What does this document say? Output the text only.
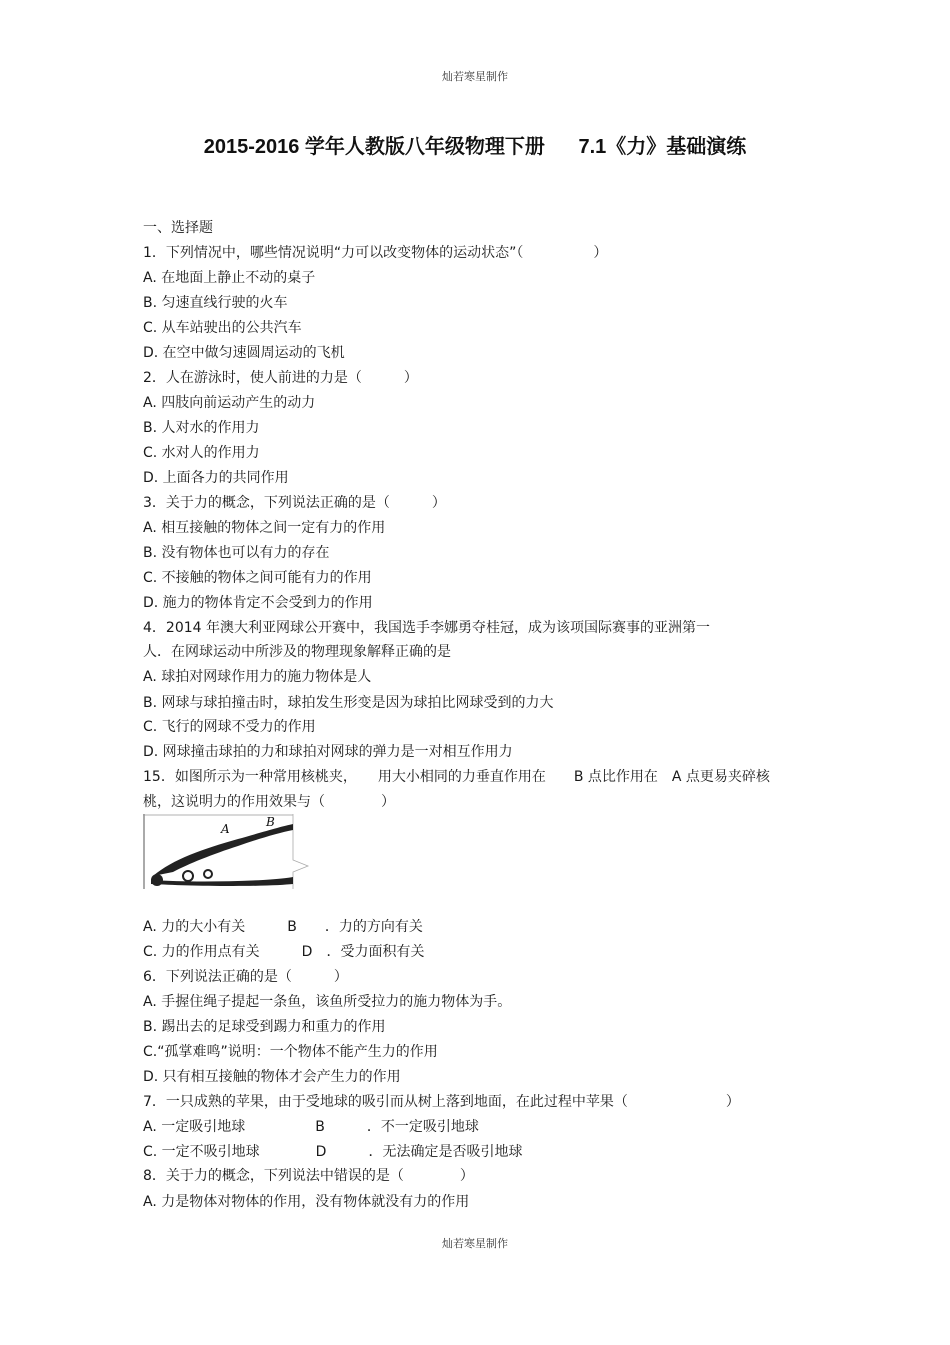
灿若寒星制作
2015-2016 学年人教版八年级物理下册 7.1《力》基础演练
一、选择题
1．下列情况中，哪些情况说明“力可以改变物体的运动状态”（　　　　　）
A. 在地面上静止不动的桌子
B. 匀速直线行驶的火车
C. 从车站驶出的公共汽车
D. 在空中做匀速圆周运动的飞机
2．人在游泳时，使人前进的力是（　　　）
A. 四肢向前运动产生的动力
B. 人对水的作用力
C. 水对人的作用力
D. 上面各力的共同作用
3．关于力的概念，下列说法正确的是（　　　）
A. 相互接触的物体之间一定有力的作用
B. 没有物体也可以有力的存在
C. 不接触的物体之间可能有力的作用
D. 施力的物体肯定不会受到力的作用
4．2014 年澳大利亚网球公开赛中，我国选手李娜勇夺桂冠，成为该项国际赛事的亚洲第一
人．在网球运动中所涉及的物理现象解释正确的是
A. 球拍对网球作用力的施力物体是人
B. 网球与球拍撞击时，球拍发生形变是因为球拍比网球受到的力大
C. 飞行的网球不受力的作用
D. 网球撞击球拍的力和球拍对网球的弹力是一对相互作用力
15．如图所示为一种常用核桃夹，　　用大小相同的力垂直作用在　　B 点比作用在　A 点更易夹碎核
桃，这说明力的作用效果与（　　　　）
A	B
A. 力的大小有关　　　B　　．力的方向有关
C. 力的作用点有关　　　D　．受力面积有关
6．下列说法正确的是（　　　）
A. 手握住绳子提起一条鱼，该鱼所受拉力的施力物体为手。
B. 踢出去的足球受到踢力和重力的作用
C.“孤掌难鸣”说明：一个物体不能产生力的作用
D. 只有相互接触的物体才会产生力的作用
7．一只成熟的苹果，由于受地球的吸引而从树上落到地面，在此过程中苹果（　　　　　　　）
A. 一定吸引地球　　　　　B　　　．不一定吸引地球
C. 一定不吸引地球　　　　D　　　．无法确定是否吸引地球
8．关于力的概念，下列说法中错误的是（　　　　）
A. 力是物体对物体的作用，没有物体就没有力的作用
灿若寒星制作
